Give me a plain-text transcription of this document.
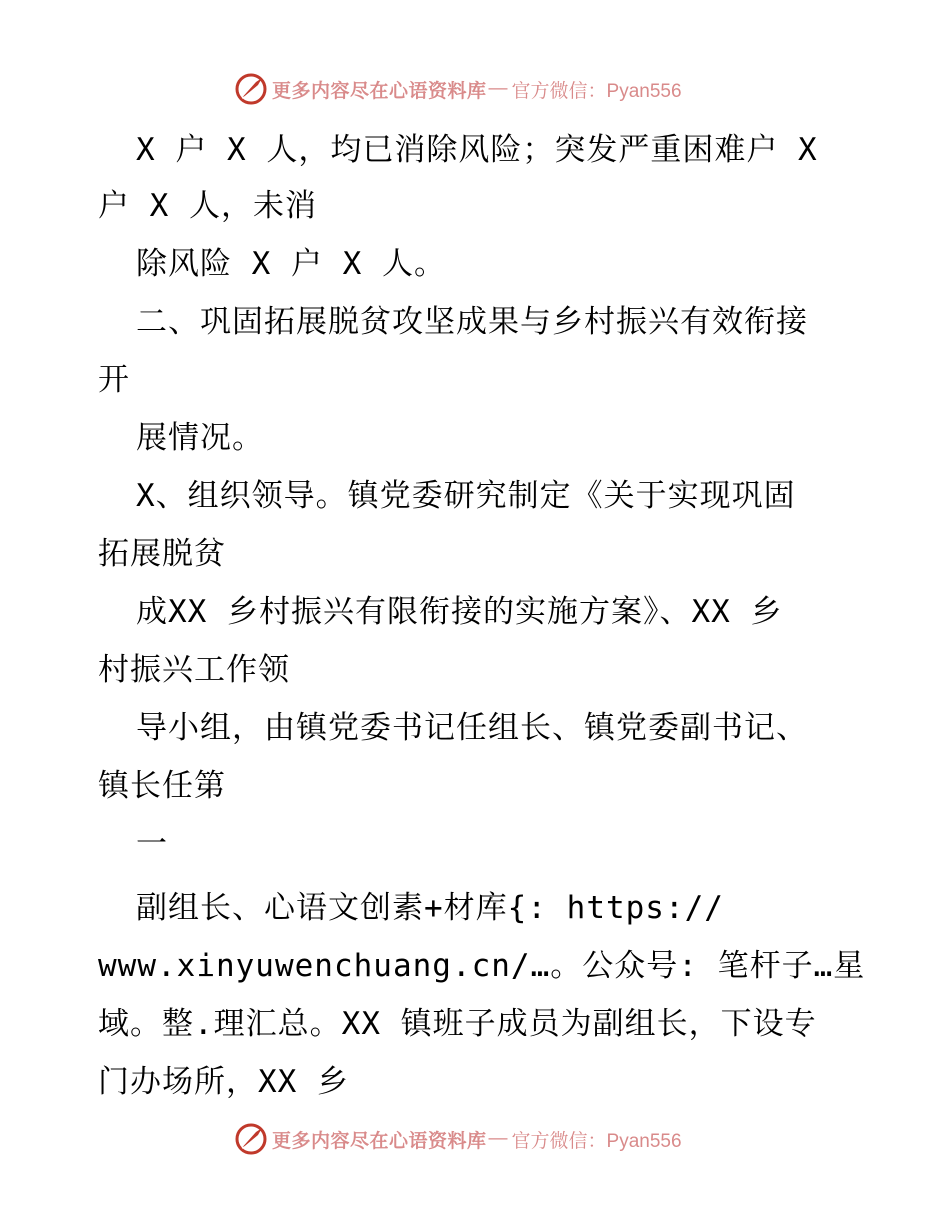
更多内容尽在心语资料库 — 官方微信：Pyan556
X 户 X 人，均已消除风险；突发严重困难户 X
户 X 人，未消
除风险 X 户 X 人。
二、巩固拓展脱贫攻坚成果与乡村振兴有效衔接
开
展情况。
X、组织领导。镇党委研究制定《关于实现巩固
拓展脱贫
成XX 乡村振兴有限衔接的实施方案》、XX 乡
村振兴工作领
导小组，由镇党委书记任组长、镇党委副书记、
镇长任第
一
副组长、心语文创素+材库{: https://
www.xinyuwenchuang.cn/…。公众号: 笔杆子…星
域。整.理汇总。XX 镇班子成员为副组长，下设专
门办场所，XX 乡
更多内容尽在心语资料库 — 官方微信：Pyan556
